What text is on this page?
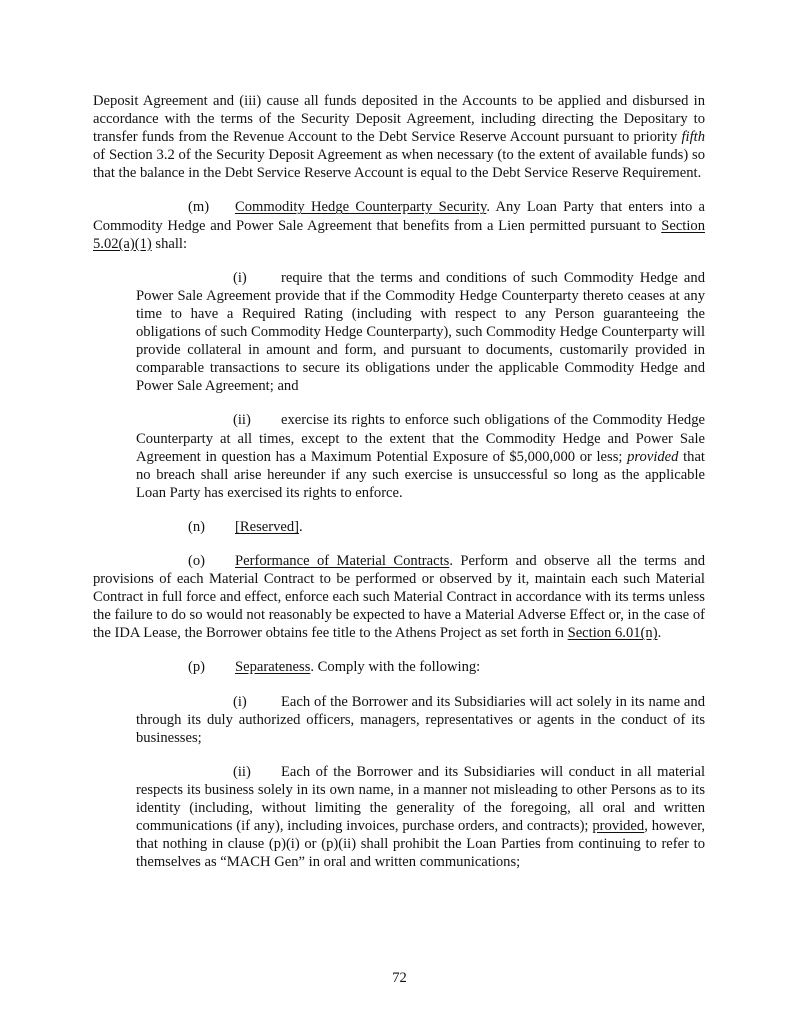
Deposit Agreement and (iii) cause all funds deposited in the Accounts to be applied and disbursed in accordance with the terms of the Security Deposit Agreement, including directing the Depositary to transfer funds from the Revenue Account to the Debt Service Reserve Account pursuant to priority fifth of Section 3.2 of the Security Deposit Agreement as when necessary (to the extent of available funds) so that the balance in the Debt Service Reserve Account is equal to the Debt Service Reserve Requirement.

(m) Commodity Hedge Counterparty Security. Any Loan Party that enters into a Commodity Hedge and Power Sale Agreement that benefits from a Lien permitted pursuant to Section 5.02(a)(1) shall:

(i) require that the terms and conditions of such Commodity Hedge and Power Sale Agreement provide that if the Commodity Hedge Counterparty thereto ceases at any time to have a Required Rating (including with respect to any Person guaranteeing the obligations of such Commodity Hedge Counterparty), such Commodity Hedge Counterparty will provide collateral in amount and form, and pursuant to documents, customarily provided in comparable transactions to secure its obligations under the applicable Commodity Hedge and Power Sale Agreement; and

(ii) exercise its rights to enforce such obligations of the Commodity Hedge Counterparty at all times, except to the extent that the Commodity Hedge and Power Sale Agreement in question has a Maximum Potential Exposure of $5,000,000 or less; provided that no breach shall arise hereunder if any such exercise is unsuccessful so long as the applicable Loan Party has exercised its rights to enforce.

(n) [Reserved].

(o) Performance of Material Contracts. Perform and observe all the terms and provisions of each Material Contract to be performed or observed by it, maintain each such Material Contract in full force and effect, enforce each such Material Contract in accordance with its terms unless the failure to do so would not reasonably be expected to have a Material Adverse Effect or, in the case of the IDA Lease, the Borrower obtains fee title to the Athens Project as set forth in Section 6.01(n).

(p) Separateness. Comply with the following:

(i) Each of the Borrower and its Subsidiaries will act solely in its name and through its duly authorized officers, managers, representatives or agents in the conduct of its businesses;

(ii) Each of the Borrower and its Subsidiaries will conduct in all material respects its business solely in its own name, in a manner not misleading to other Persons as to its identity (including, without limiting the generality of the foregoing, all oral and written communications (if any), including invoices, purchase orders, and contracts); provided, however, that nothing in clause (p)(i) or (p)(ii) shall prohibit the Loan Parties from continuing to refer to themselves as “MACH Gen” in oral and written communications;

72
